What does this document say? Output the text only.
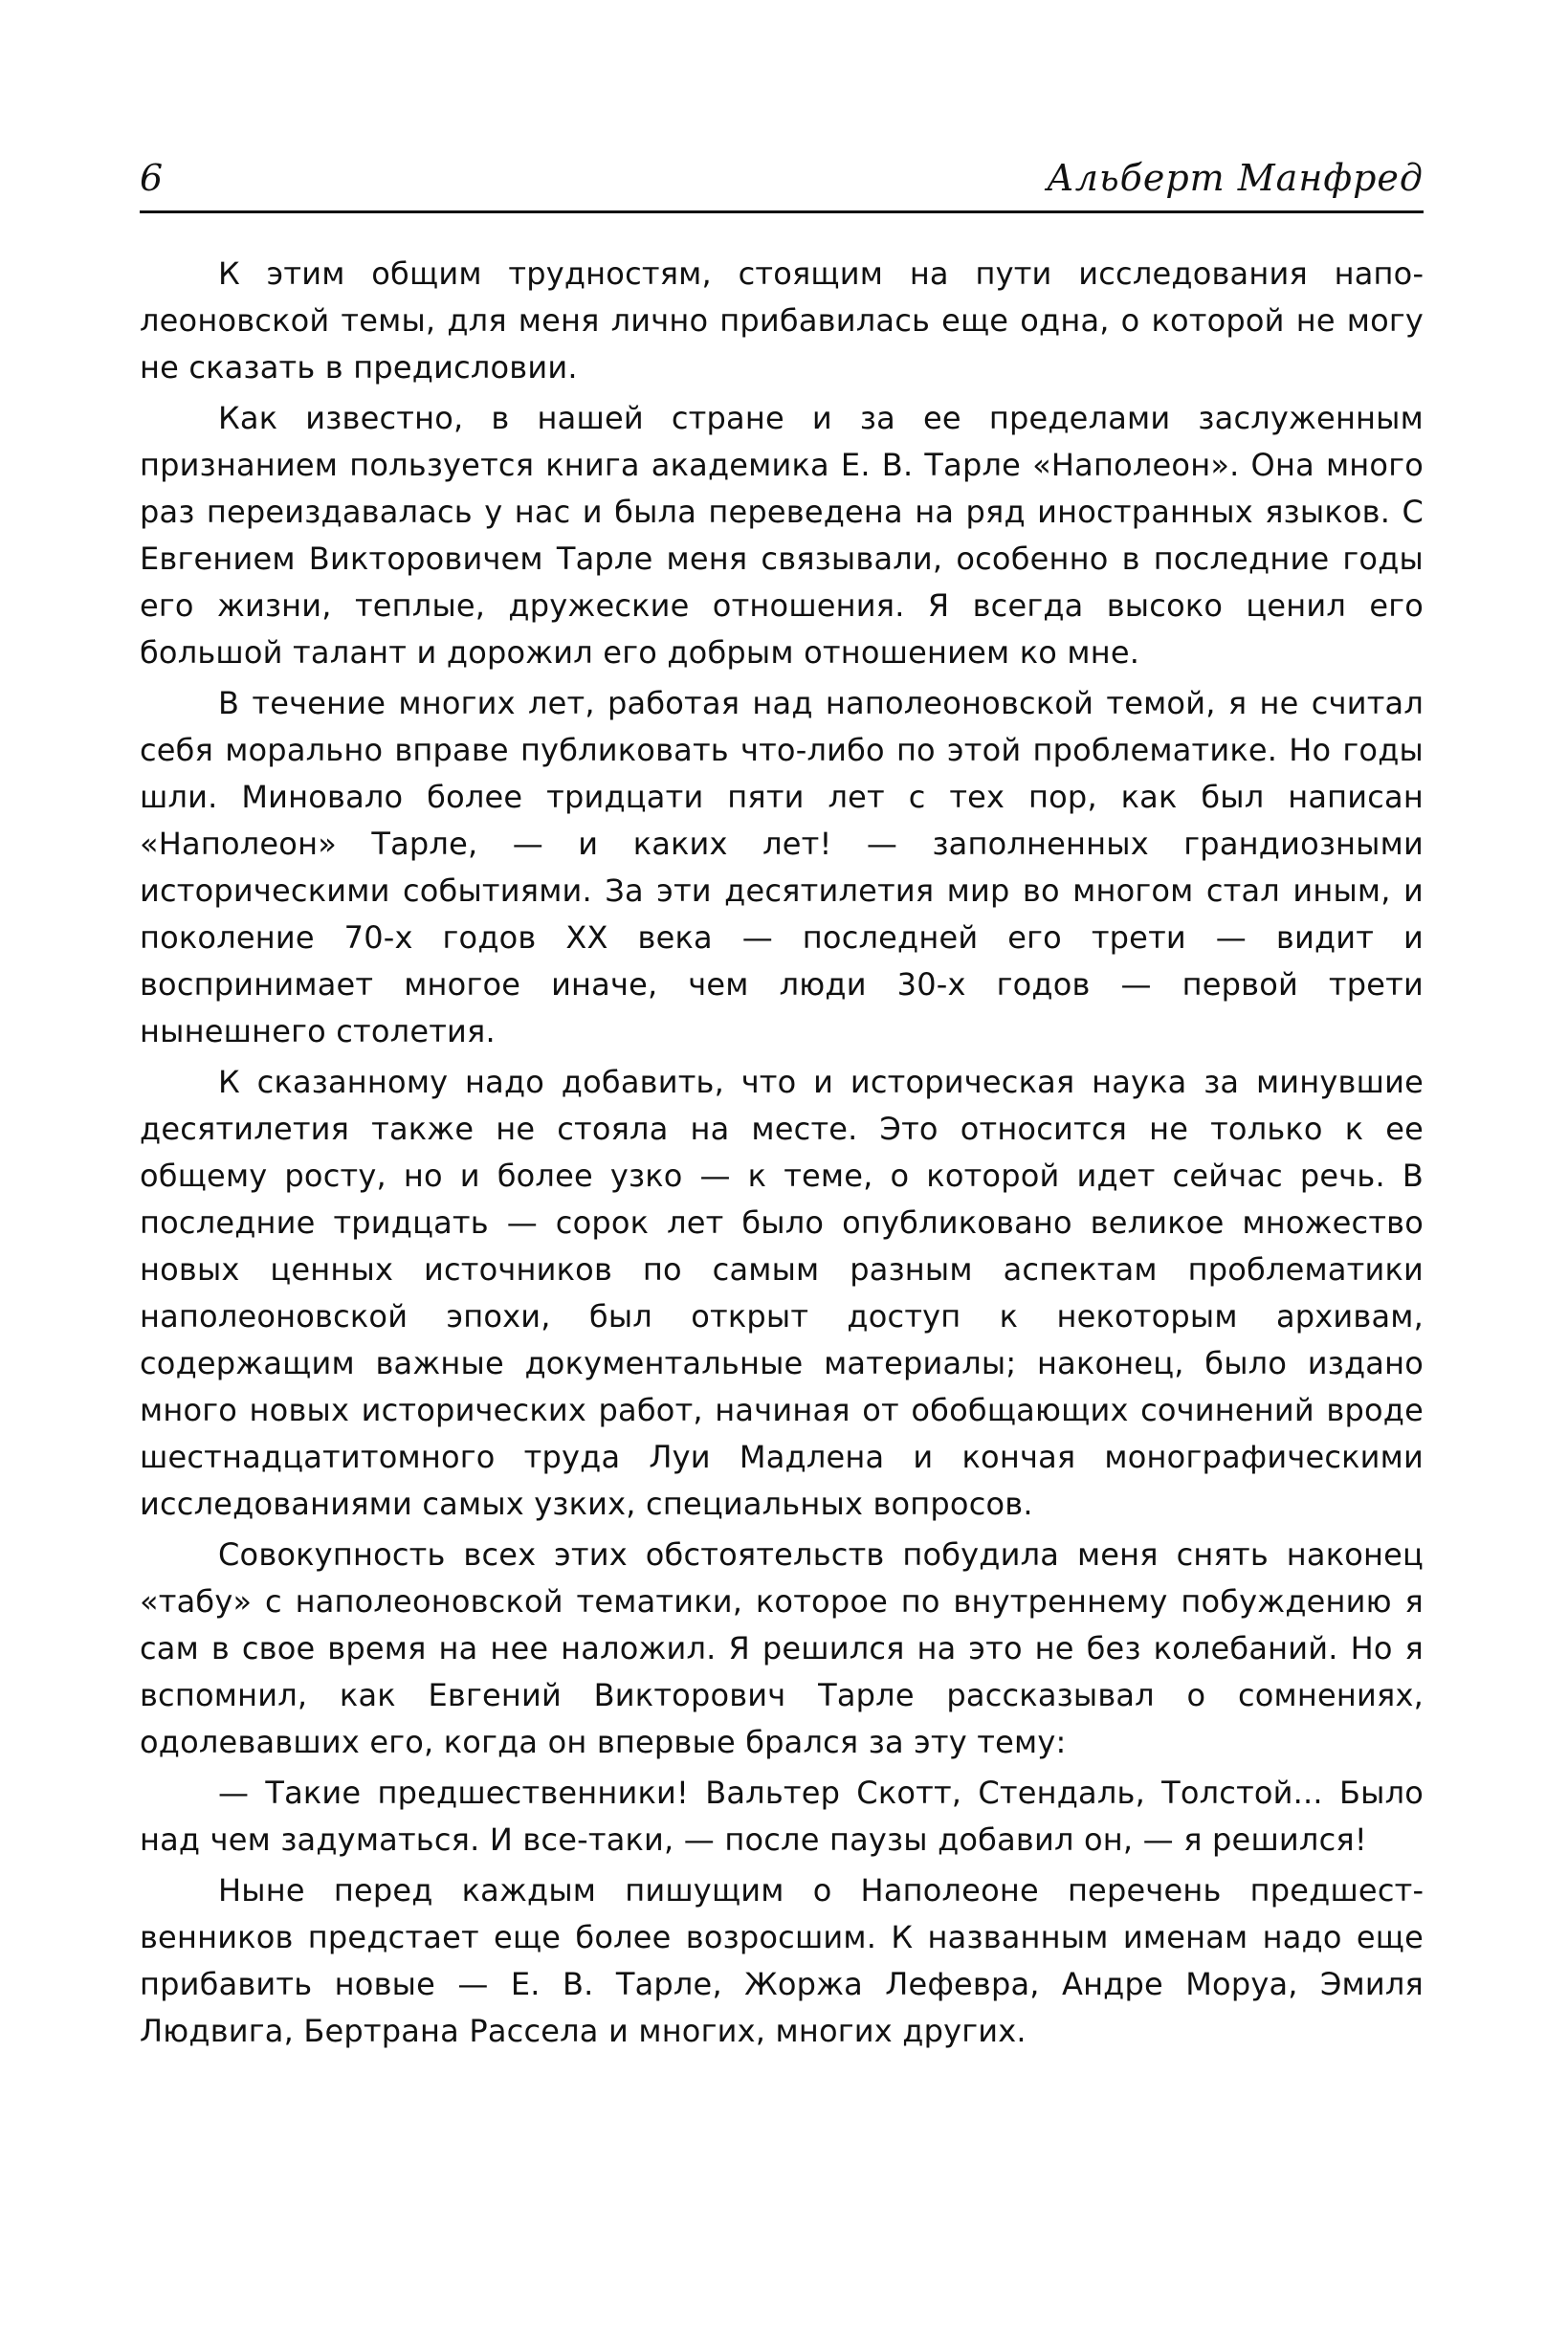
6	Альберт Манфред

К этим общим трудностям, стоящим на пути исследования наполеоновской темы, для меня лично прибавилась еще одна, о которой не могу не сказать в предисловии.

Как известно, в нашей стране и за ее пределами заслуженным признанием пользуется книга академика Е. В. Тарле «Наполеон». Она много раз переиздавалась у нас и была переведена на ряд иностранных языков. С Евгением Викторовичем Тарле меня связывали, особенно в последние годы его жизни, теплые, дружеские отношения. Я всегда высоко ценил его большой талант и дорожил его добрым отношением ко мне.

В течение многих лет, работая над наполеоновской темой, я не считал себя морально вправе публиковать что-либо по этой проблематике. Но годы шли. Миновало более тридцати пяти лет с тех пор, как был написан «Наполеон» Тарле, — и каких лет! — заполненных грандиозными историческими событиями. За эти десятилетия мир во многом стал иным, и поколение 70-х годов XX века — последней его трети — видит и воспринимает многое иначе, чем люди 30-х годов — первой трети нынешнего столетия.

К сказанному надо добавить, что и историческая наука за минувшие десятилетия также не стояла на месте. Это относится не только к ее общему росту, но и более узко — к теме, о которой идет сейчас речь. В последние тридцать — сорок лет было опубликовано великое множество новых ценных источников по самым разным аспектам проблематики наполеоновской эпохи, был открыт доступ к некоторым архивам, содержащим важные документальные материалы; наконец, было издано много новых исторических работ, начиная от обобщающих сочинений вроде шестнадцатитомного труда Луи Мадлена и кончая монографическими исследованиями самых узких, специальных вопросов.

Совокупность всех этих обстоятельств побудила меня снять наконец «табу» с наполеоновской тематики, которое по внутреннему побуждению я сам в свое время на нее наложил. Я решился на это не без колебаний. Но я вспомнил, как Евгений Викторович Тарле рассказывал о сомнениях, одолевавших его, когда он впервые брался за эту тему:

— Такие предшественники! Вальтер Скотт, Стендаль, Толстой... Было над чем задуматься. И все-таки, — после паузы добавил он, — я решился!

Ныне перед каждым пишущим о Наполеоне перечень предшественников предстает еще более возросшим. К названным именам надо еще прибавить новые — Е. В. Тарле, Жоржа Лефевра, Андре Моруа, Эмиля Людвига, Бертрана Рассела и многих, многих других.
